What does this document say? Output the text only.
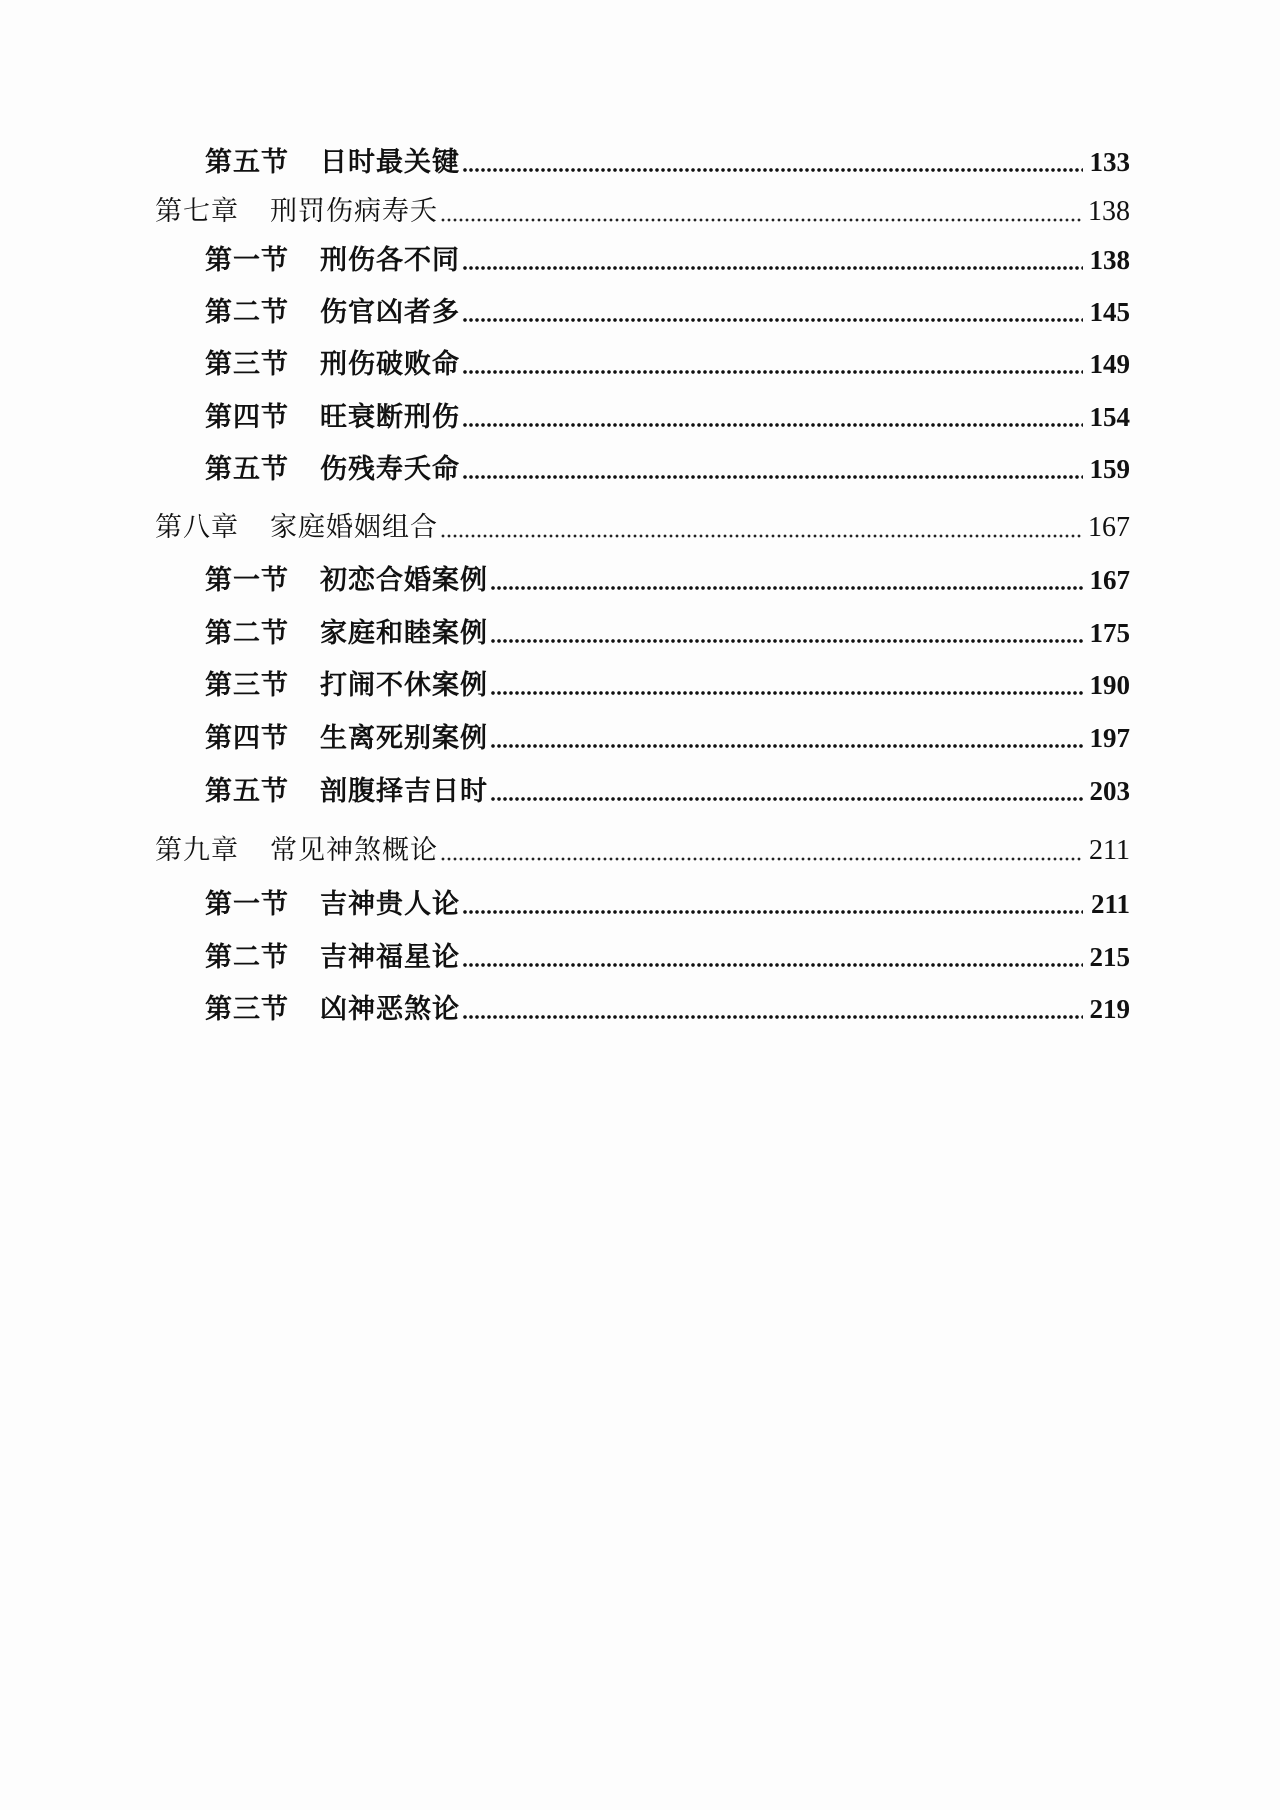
第五节	日时最关键	133
第七章	刑罚伤病寿夭	138
第一节	刑伤各不同	138
第二节	伤官凶者多	145
第三节	刑伤破败命	149
第四节	旺衰断刑伤	154
第五节	伤残寿夭命	159
第八章	家庭婚姻组合	167
第一节	初恋合婚案例	167
第二节	家庭和睦案例	175
第三节	打闹不休案例	190
第四节	生离死别案例	197
第五节	剖腹择吉日时	203
第九章	常见神煞概论	211
第一节	吉神贵人论	211
第二节	吉神福星论	215
第三节	凶神恶煞论	219
